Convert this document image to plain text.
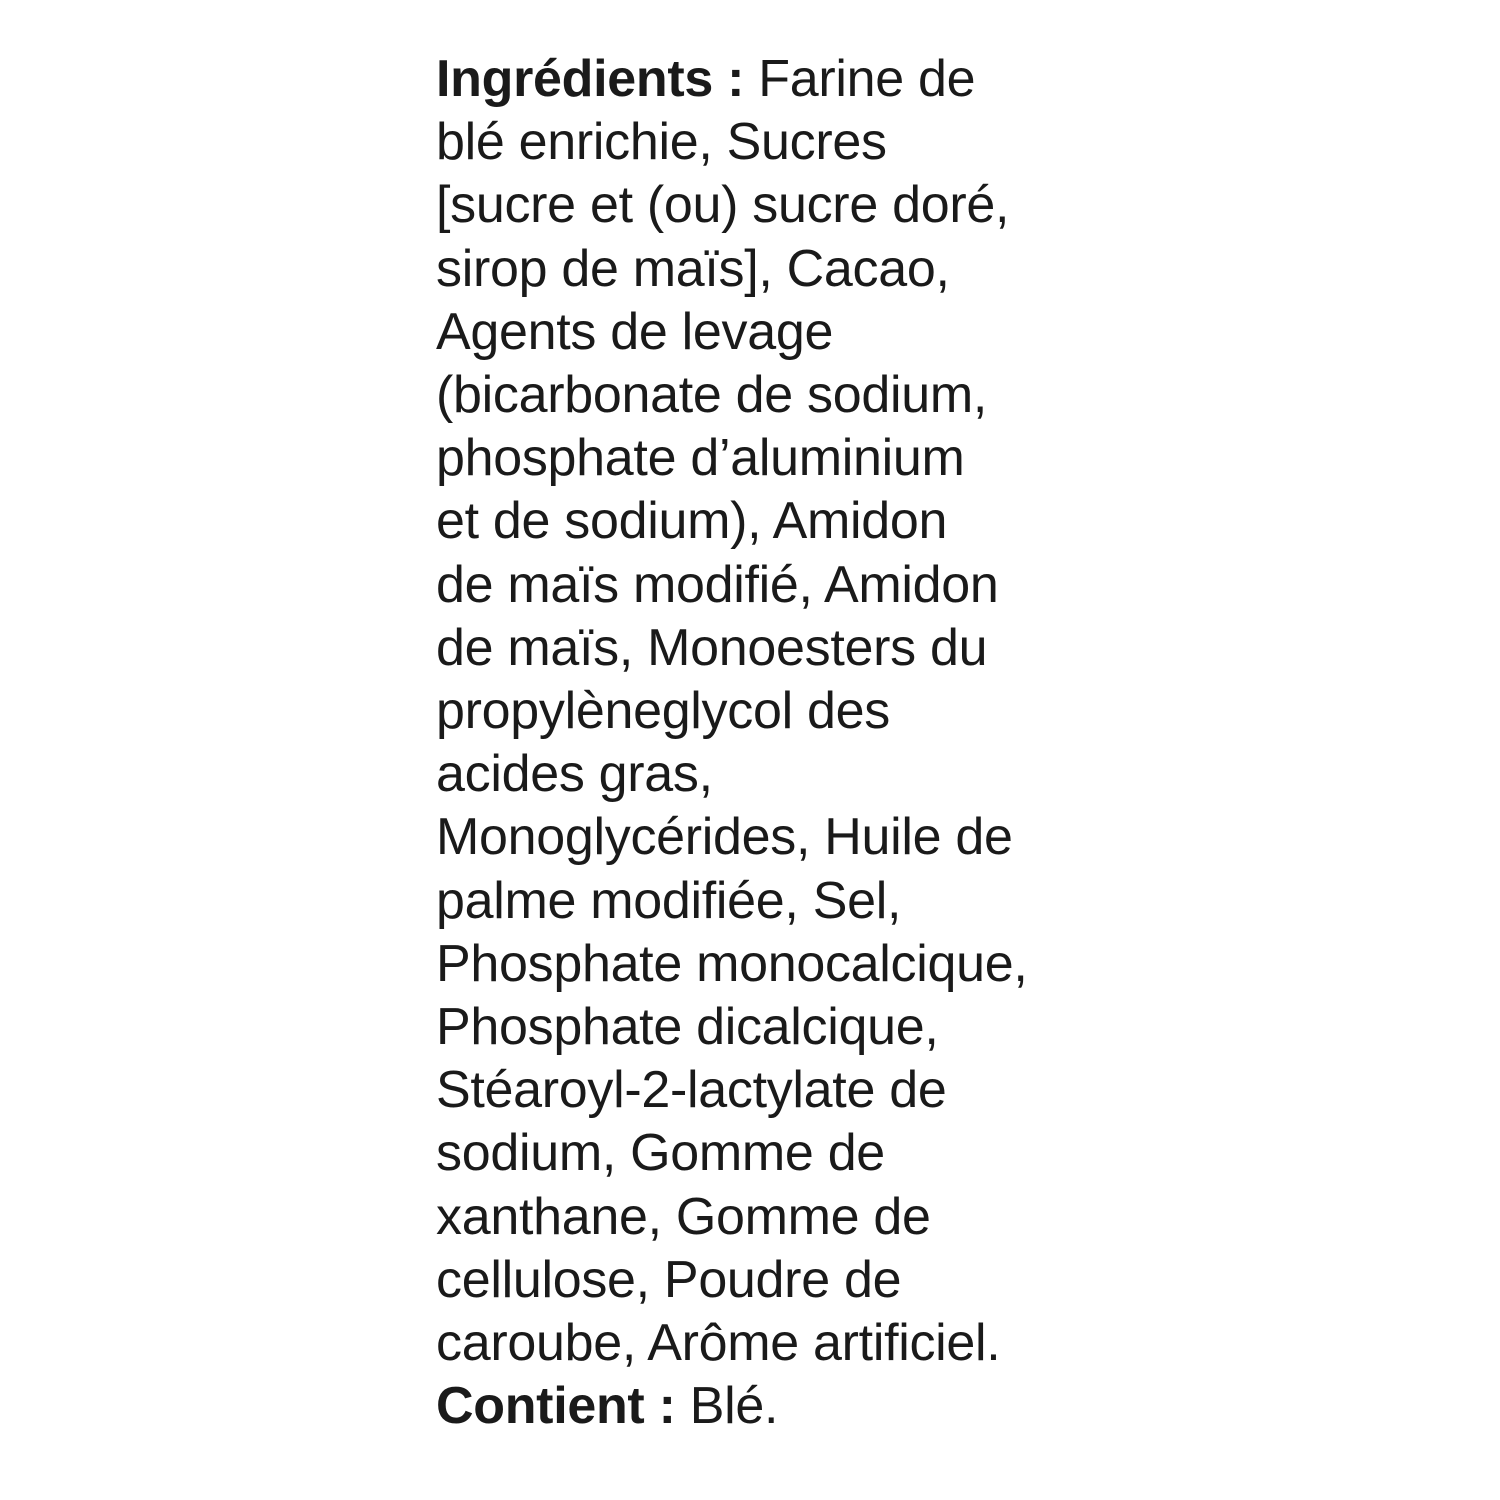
Ingrédients : Farine de
blé enrichie, Sucres
[sucre et (ou) sucre doré,
sirop de maïs], Cacao,
Agents de levage
(bicarbonate de sodium,
phosphate d’aluminium
et de sodium), Amidon
de maïs modifié, Amidon
de maïs, Monoesters du
propylèneglycol des
acides gras,
Monoglycérides, Huile de
palme modifiée, Sel,
Phosphate monocalcique,
Phosphate dicalcique,
Stéaroyl-2-lactylate de
sodium, Gomme de
xanthane, Gomme de
cellulose, Poudre de
caroube, Arôme artificiel.
Contient : Blé.
